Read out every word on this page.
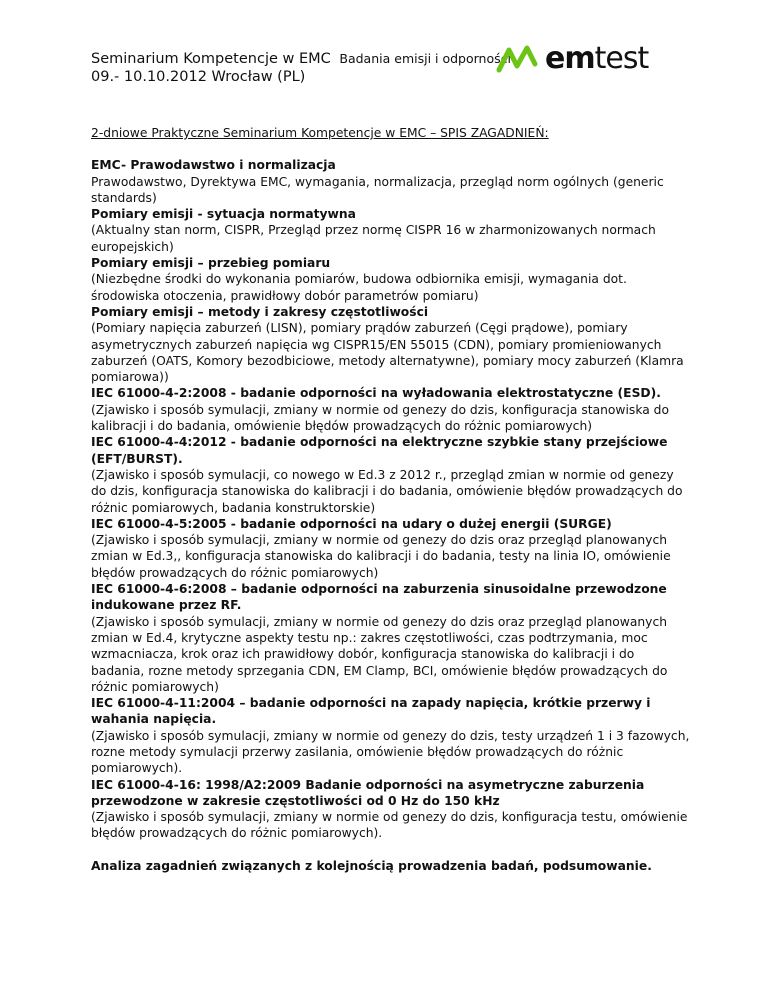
Seminarium Kompetencje w EMC Badania emisji i odporności
09.- 10.10.2012 Wrocław (PL)
emtest
2-dniowe Praktyczne Seminarium Kompetencje w EMC – SPIS ZAGADNIEŃ:
EMC- Prawodawstwo i normalizacja
Prawodawstwo, Dyrektywa EMC, wymagania, normalizacja, przegląd norm ogólnych (generic standards)
Pomiary emisji - sytuacja normatywna
(Aktualny stan norm, CISPR, Przegląd przez normę CISPR 16 w zharmonizowanych normach europejskich)
Pomiary emisji – przebieg pomiaru
(Niezbędne środki do wykonania pomiarów, budowa odbiornika emisji, wymagania dot. środowiska otoczenia, prawidłowy dobór parametrów pomiaru)
Pomiary emisji – metody i zakresy częstotliwości
(Pomiary napięcia zaburzeń (LISN), pomiary prądów zaburzeń (Cęgi prądowe), pomiary asymetrycznych zaburzeń napięcia wg CISPR15/EN 55015 (CDN), pomiary promieniowanych zaburzeń (OATS, Komory bezodbiciowe, metody alternatywne), pomiary mocy zaburzeń (Klamra pomiarowa))
IEC 61000-4-2:2008 - badanie odporności na wyładowania elektrostatyczne (ESD).
(Zjawisko i sposób symulacji, zmiany w normie od genezy do dzis, konfiguracja stanowiska do kalibracji i do badania, omówienie błędów prowadzących do różnic pomiarowych)
IEC 61000-4-4:2012 - badanie odporności na elektryczne szybkie stany przejściowe (EFT/BURST).
(Zjawisko i sposób symulacji, co nowego w Ed.3 z 2012 r., przegląd zmian w normie od genezy do dzis, konfiguracja stanowiska do kalibracji i do badania, omówienie błędów prowadzących do różnic pomiarowych, badania konstruktorskie)
IEC 61000-4-5:2005 - badanie odporności na udary o dużej energii (SURGE)
(Zjawisko i sposób symulacji, zmiany w normie od genezy do dzis oraz przegląd planowanych zmian w Ed.3,, konfiguracja stanowiska do kalibracji i do badania, testy na linia IO, omówienie błędów prowadzących do różnic pomiarowych)
IEC 61000-4-6:2008 – badanie odporności na zaburzenia sinusoidalne przewodzone indukowane przez RF.
(Zjawisko i sposób symulacji, zmiany w normie od genezy do dzis oraz przegląd planowanych zmian w Ed.4, krytyczne aspekty testu np.: zakres częstotliwości, czas podtrzymania, moc wzmacniacza, krok oraz ich prawidłowy dobór, konfiguracja stanowiska do kalibracji i do badania, rozne metody sprzegania CDN, EM Clamp, BCI, omówienie błędów prowadzących do różnic pomiarowych)
IEC 61000-4-11:2004 – badanie odporności na zapady napięcia, krótkie przerwy i wahania napięcia.
(Zjawisko i sposób symulacji, zmiany w normie od genezy do dzis, testy urządzeń 1 i 3 fazowych, rozne metody symulacji przerwy zasilania, omówienie błędów prowadzących do różnic pomiarowych).
IEC 61000-4-16: 1998/A2:2009 Badanie odporności na asymetryczne zaburzenia przewodzone w zakresie częstotliwości od 0 Hz do 150 kHz
(Zjawisko i sposób symulacji, zmiany w normie od genezy do dzis, konfiguracja testu, omówienie błędów prowadzących do różnic pomiarowych).
Analiza zagadnień związanych z kolejnością prowadzenia badań, podsumowanie.
